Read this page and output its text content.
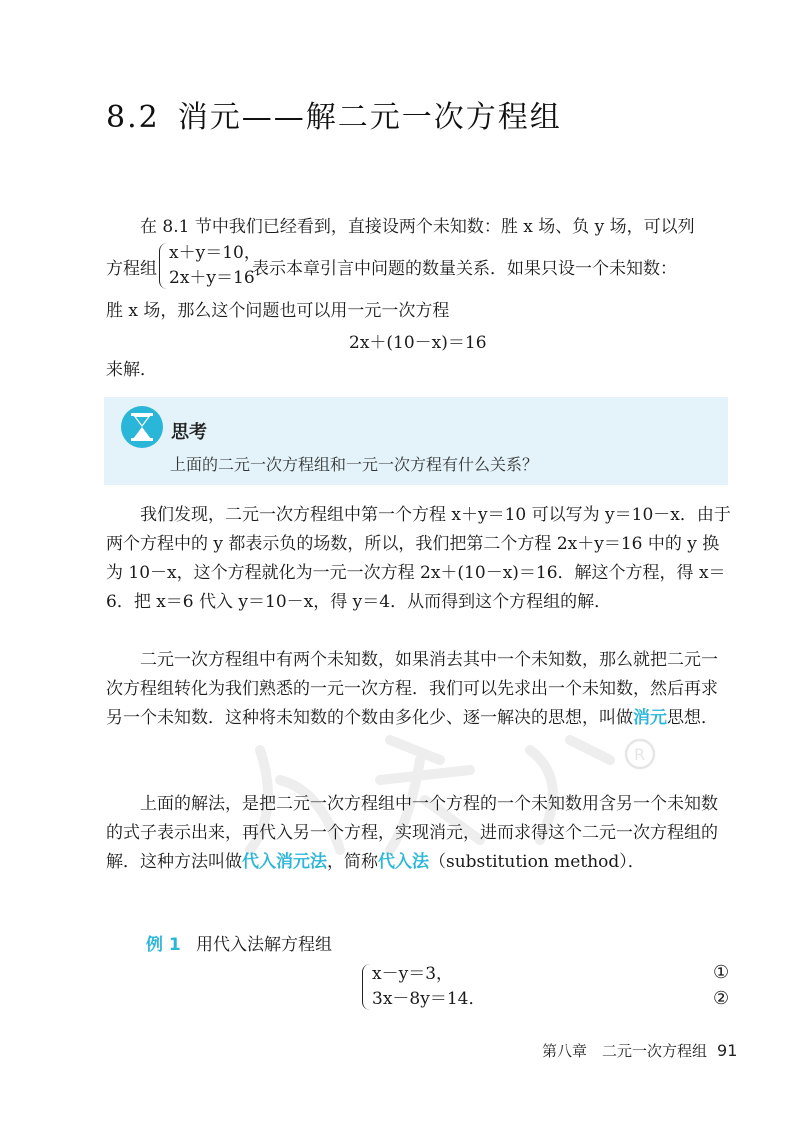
8.2 消元——解二元一次方程组
在 8.1 节中我们已经看到，直接设两个未知数：胜 x 场、负 y 场，可以列
方程组	表示本章引言中问题的数量关系．如果只设一个未知数：
x＋y＝10，
2x＋y＝16
胜 x 场，那么这个问题也可以用一元一次方程
2x＋(10－x)＝16
来解．
思考
上面的二元一次方程组和一元一次方程有什么关系？
我们发现，二元一次方程组中第一个方程 x＋y＝10 可以写为 y＝10－x．由于两个方程中的 y 都表示负的场数，所以，我们把第二个方程 2x＋y＝16 中的 y 换为 10－x，这个方程就化为一元一次方程 2x＋(10－x)＝16．解这个方程，得 x＝6．把 x＝6 代入 y＝10－x，得 y＝4．从而得到这个方程组的解．
二元一次方程组中有两个未知数，如果消去其中一个未知数，那么就把二元一次方程组转化为我们熟悉的一元一次方程．我们可以先求出一个未知数，然后再求另一个未知数．这种将未知数的个数由多化少、逐一解决的思想，叫做消元思想．
R
上面的解法，是把二元一次方程组中一个方程的一个未知数用含另一个未知数的式子表示出来，再代入另一个方程，实现消元，进而求得这个二元一次方程组的解．这种方法叫做代入消元法，简称代入法（substitution method）．
例 1 用代入法解方程组
x－y＝3，
3x－8y＝14．
①
②
第八章　二元一次方程组 91
